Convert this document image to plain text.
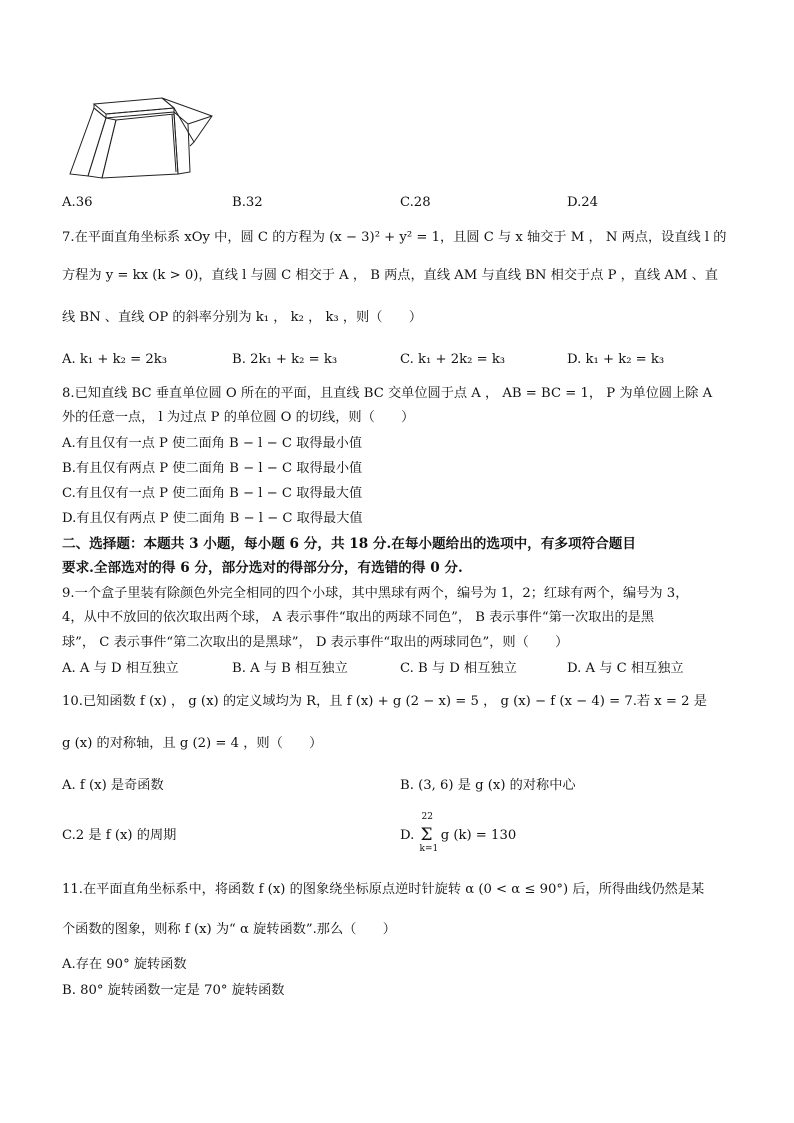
A.36	B.32	C.28	D.24
7.在平面直角坐标系 xOy 中，圆 C 的方程为 (x − 3)² + y² = 1，且圆 C 与 x 轴交于 M ， N 两点，设直线 l 的
方程为 y = kx (k > 0)，直线 l 与圆 C 相交于 A ， B 两点，直线 AM 与直线 BN 相交于点 P ，直线 AM 、直
线 BN 、直线 OP 的斜率分别为 k₁ ， k₂ ， k₃ ，则（　　）
A. k₁ + k₂ = 2k₃	B. 2k₁ + k₂ = k₃	C. k₁ + 2k₂ = k₃	D. k₁ + k₂ = k₃
8.已知直线 BC 垂直单位圆 O 所在的平面，且直线 BC 交单位圆于点 A ， AB = BC = 1， P 为单位圆上除 A
外的任意一点， l 为过点 P 的单位圆 O 的切线，则（　　）
A.有且仅有一点 P 使二面角 B − l − C 取得最小值
B.有且仅有两点 P 使二面角 B − l − C 取得最小值
C.有且仅有一点 P 使二面角 B − l − C 取得最大值
D.有且仅有两点 P 使二面角 B − l − C 取得最大值
二、选择题：本题共 3 小题，每小题 6 分，共 18 分.在每小题给出的选项中，有多项符合题目
要求.全部选对的得 6 分，部分选对的得部分分，有选错的得 0 分.
9.一个盒子里装有除颜色外完全相同的四个小球，其中黑球有两个，编号为 1，2；红球有两个，编号为 3，
4，从中不放回的依次取出两个球， A 表示事件“取出的两球不同色”， B 表示事件“第一次取出的是黑
球”， C 表示事件“第二次取出的是黑球”， D 表示事件“取出的两球同色”，则（　　）
A. A 与 D 相互独立	B. A 与 B 相互独立	C. B 与 D 相互独立	D. A 与 C 相互独立
10.已知函数 f (x) ， g (x) 的定义域均为 R，且 f (x) + g (2 − x) = 5 ， g (x) − f (x − 4) = 7.若 x = 2 是
g (x) 的对称轴，且 g (2) = 4 ，则（　　）
A. f (x) 是奇函数	B. (3, 6) 是 g (x) 的对称中心
C.2 是 f (x) 的周期	D.
22
Σ
k=1
g (k) = 130
11.在平面直角坐标系中，将函数 f (x) 的图象绕坐标原点逆时针旋转 α (0 < α ≤ 90°) 后，所得曲线仍然是某
个函数的图象，则称 f (x) 为“ α 旋转函数”.那么（　　）
A.存在 90° 旋转函数
B. 80° 旋转函数一定是 70° 旋转函数
